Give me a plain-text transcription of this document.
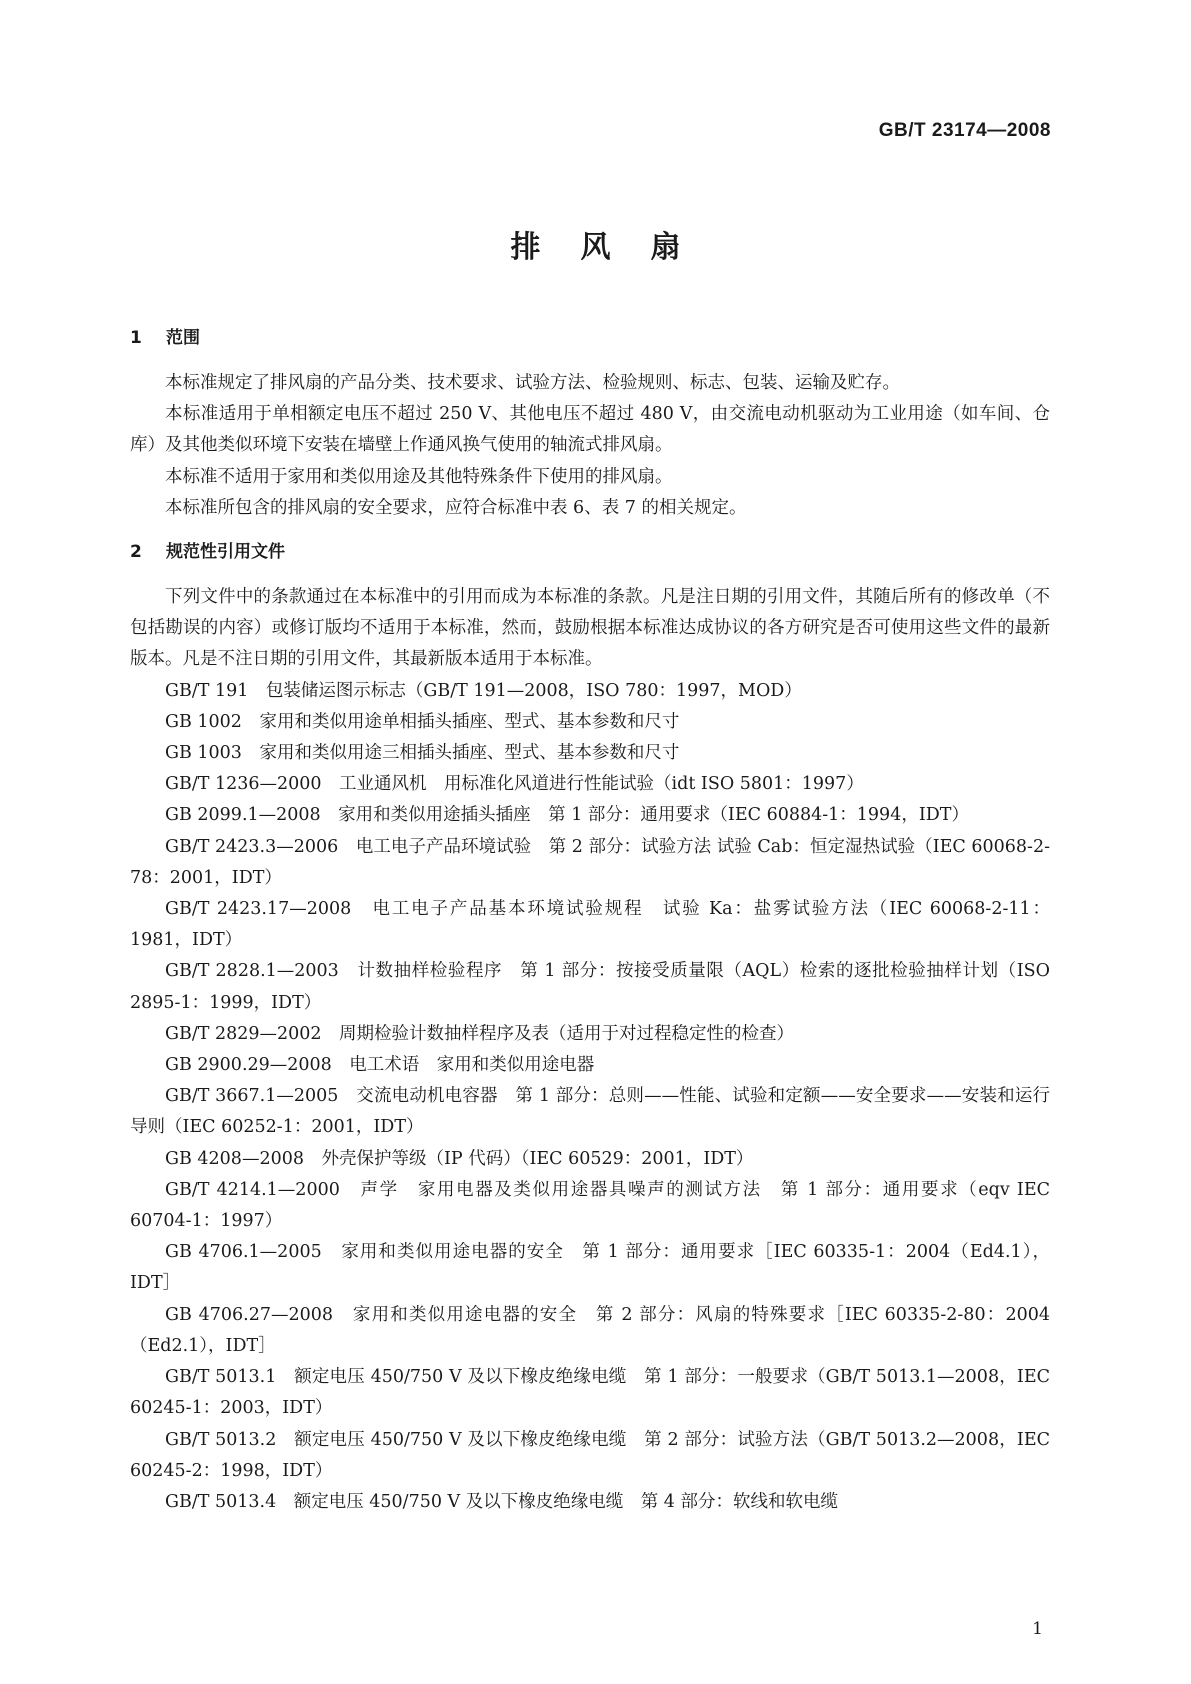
GB/T 23174—2008
排风扇
1 范围

本标准规定了排风扇的产品分类、技术要求、试验方法、检验规则、标志、包装、运输及贮存。

本标准适用于单相额定电压不超过 250 V、其他电压不超过 480 V，由交流电动机驱动为工业用途（如车间、仓库）及其他类似环境下安装在墙壁上作通风换气使用的轴流式排风扇。

本标准不适用于家用和类似用途及其他特殊条件下使用的排风扇。

本标准所包含的排风扇的安全要求，应符合标准中表 6、表 7 的相关规定。

2 规范性引用文件

下列文件中的条款通过在本标准中的引用而成为本标准的条款。凡是注日期的引用文件，其随后所有的修改单（不包括勘误的内容）或修订版均不适用于本标准，然而，鼓励根据本标准达成协议的各方研究是否可使用这些文件的最新版本。凡是不注日期的引用文件，其最新版本适用于本标准。

GB/T 191　包装储运图示标志（GB/T 191—2008，ISO 780：1997，MOD）

GB 1002　家用和类似用途单相插头插座、型式、基本参数和尺寸

GB 1003　家用和类似用途三相插头插座、型式、基本参数和尺寸

GB/T 1236—2000　工业通风机　用标准化风道进行性能试验（idt ISO 5801：1997）

GB 2099.1—2008　家用和类似用途插头插座　第 1 部分：通用要求（IEC 60884-1：1994，IDT）

GB/T 2423.3—2006　电工电子产品环境试验　第 2 部分：试验方法 试验 Cab：恒定湿热试验（IEC 60068-2-78：2001，IDT）

GB/T 2423.17—2008　电工电子产品基本环境试验规程　试验 Ka：盐雾试验方法（IEC 60068-2-11：1981，IDT）

GB/T 2828.1—2003　计数抽样检验程序　第 1 部分：按接受质量限（AQL）检索的逐批检验抽样计划（ISO 2895-1：1999，IDT）

GB/T 2829—2002　周期检验计数抽样程序及表（适用于对过程稳定性的检查）

GB 2900.29—2008　电工术语　家用和类似用途电器

GB/T 3667.1—2005　交流电动机电容器　第 1 部分：总则——性能、试验和定额——安全要求——安装和运行导则（IEC 60252-1：2001，IDT）

GB 4208—2008　外壳保护等级（IP 代码）（IEC 60529：2001，IDT）

GB/T 4214.1—2000　声学　家用电器及类似用途器具噪声的测试方法　第 1 部分：通用要求（eqv IEC 60704-1：1997）

GB 4706.1—2005　家用和类似用途电器的安全　第 1 部分：通用要求［IEC 60335-1：2004（Ed4.1），IDT］

GB 4706.27—2008　家用和类似用途电器的安全　第 2 部分：风扇的特殊要求［IEC 60335-2-80：2004（Ed2.1），IDT］

GB/T 5013.1　额定电压 450/750 V 及以下橡皮绝缘电缆　第 1 部分：一般要求（GB/T 5013.1—2008，IEC 60245-1：2003，IDT）

GB/T 5013.2　额定电压 450/750 V 及以下橡皮绝缘电缆　第 2 部分：试验方法（GB/T 5013.2—2008，IEC 60245-2：1998，IDT）

GB/T 5013.4　额定电压 450/750 V 及以下橡皮绝缘电缆　第 4 部分：软线和软电缆

1
